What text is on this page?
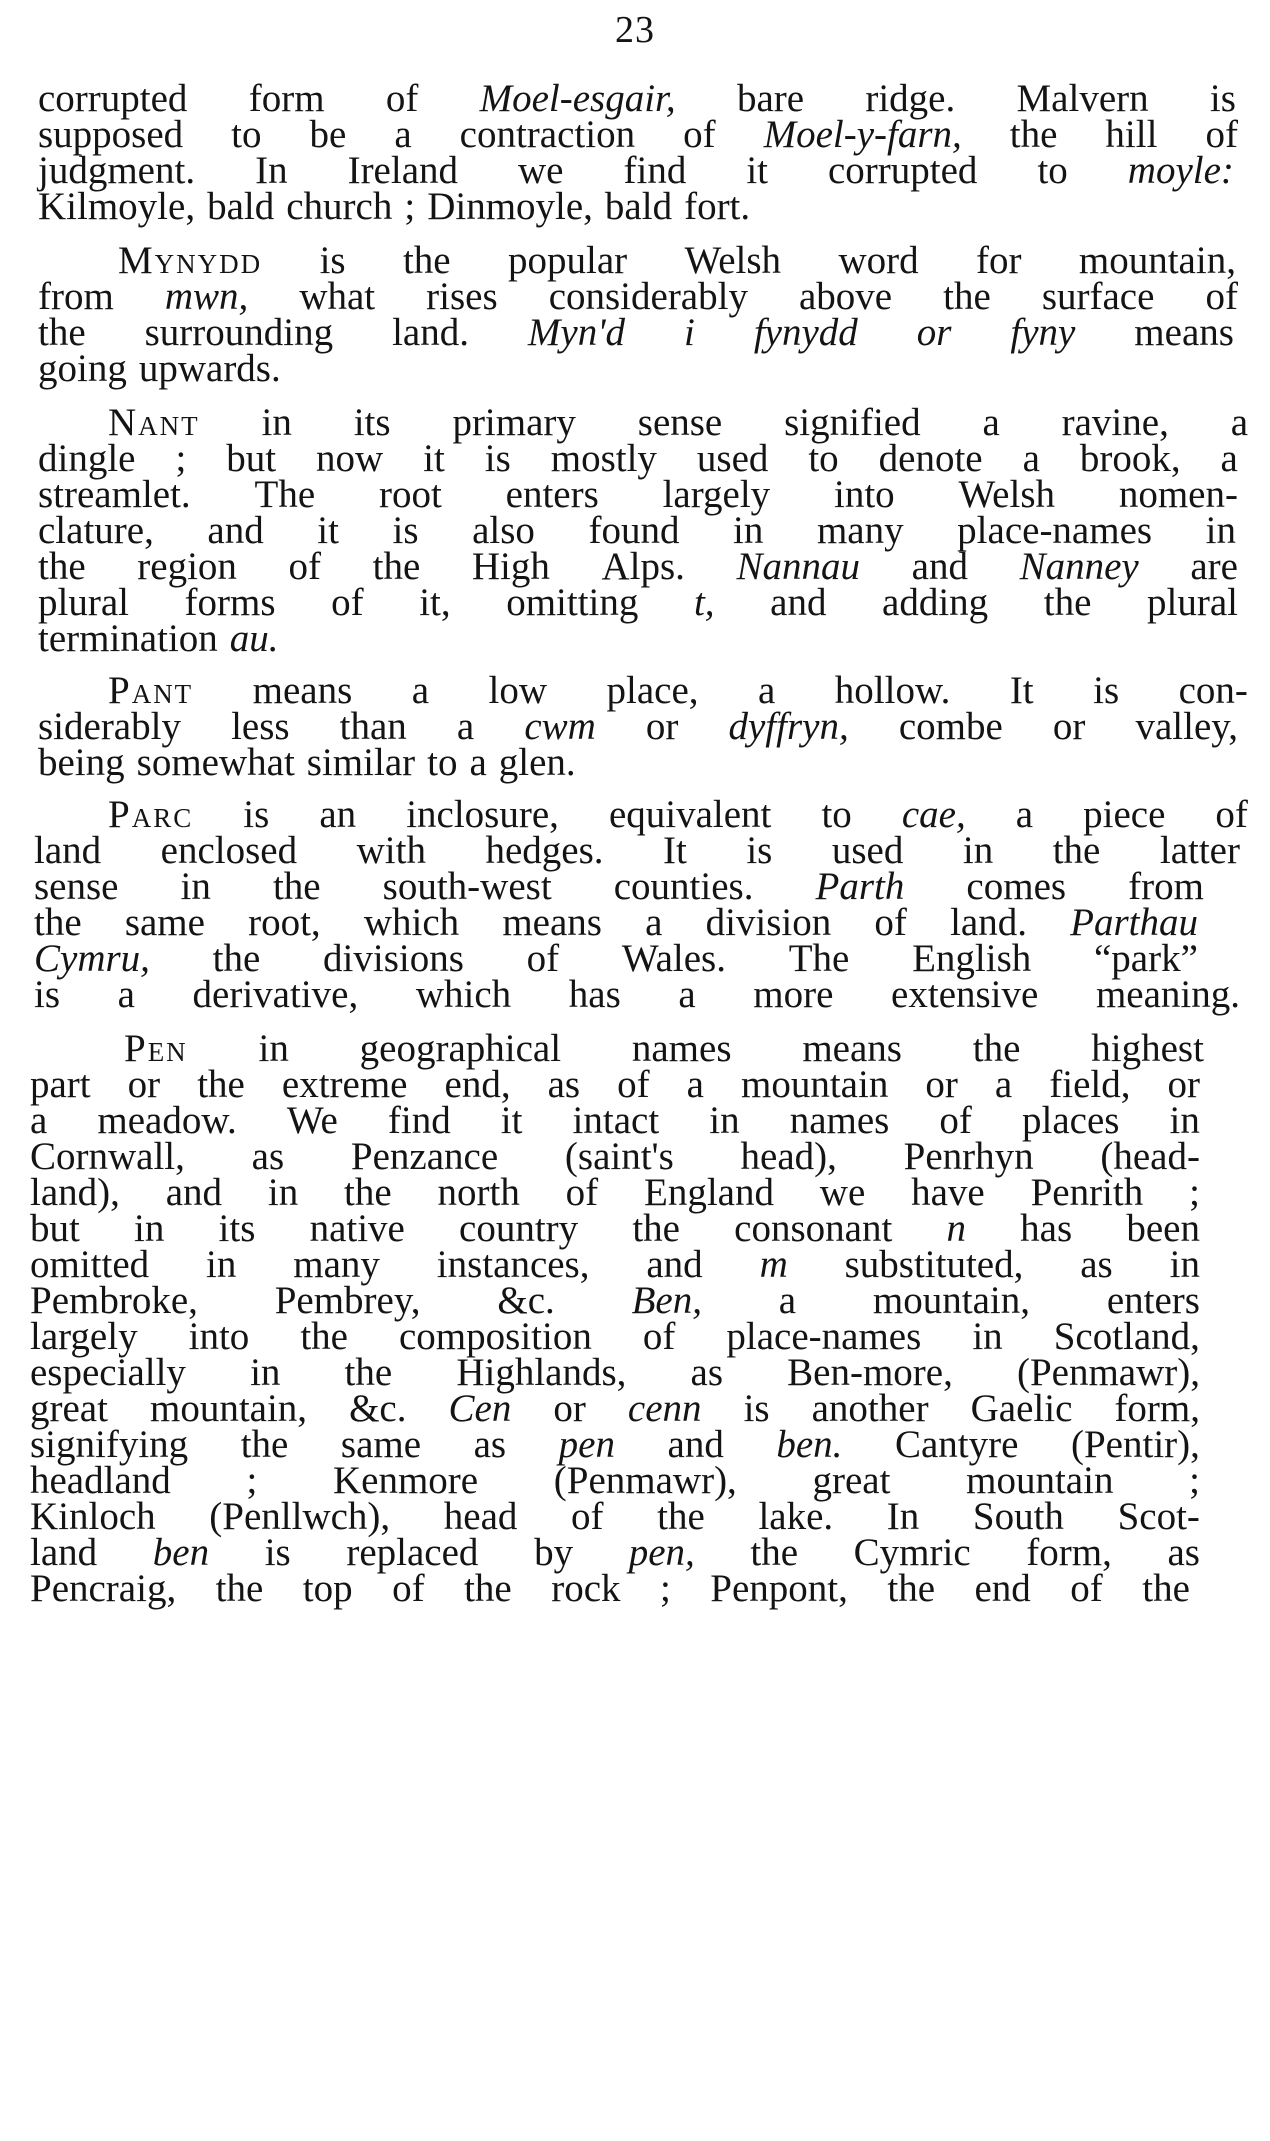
23
corrupted form of Moel-esgair, bare ridge. Malvern is
supposed to be a contraction of Moel-y-farn, the hill of
judgment. In Ireland we find it corrupted to moyle:
Kilmoyle, bald church ; Dinmoyle, bald fort.
Mynydd is the popular Welsh word for mountain,
from mwn, what rises considerably above the surface of
the surrounding land. Myn'd i fynydd or fyny means
going upwards.
Nant in its primary sense signified a ravine, a
dingle ; but now it is mostly used to denote a brook, a
streamlet. The root enters largely into Welsh nomen-
clature, and it is also found in many place-names in
the region of the High Alps. Nannau and Nanney are
plural forms of it, omitting t, and adding the plural
termination au.
Pant means a low place, a hollow. It is con-
siderably less than a cwm or dyffryn, combe or valley,
being somewhat similar to a glen.
Parc is an inclosure, equivalent to cae, a piece of
land enclosed with hedges. It is used in the latter
sense in the south-west counties. Parth comes from
the same root, which means a division of land. Parthau
Cymru, the divisions of Wales. The English “park”
is a derivative, which has a more extensive meaning.
Pen in geographical names means the highest
part or the extreme end, as of a mountain or a field, or
a meadow. We find it intact in names of places in
Cornwall, as Penzance (saint's head), Penrhyn (head-
land), and in the north of England we have Penrith ;
but in its native country the consonant n has been
omitted in many instances, and m substituted, as in
Pembroke, Pembrey, &c. Ben, a mountain, enters
largely into the composition of place-names in Scotland,
especially in the Highlands, as Ben-more, (Penmawr),
great mountain, &c. Cen or cenn is another Gaelic form,
signifying the same as pen and ben. Cantyre (Pentir),
headland ; Kenmore (Penmawr), great mountain ;
Kinloch (Penllwch), head of the lake. In South Scot-
land ben is replaced by pen, the Cymric form, as
Pencraig, the top of the rock ; Penpont, the end of the
